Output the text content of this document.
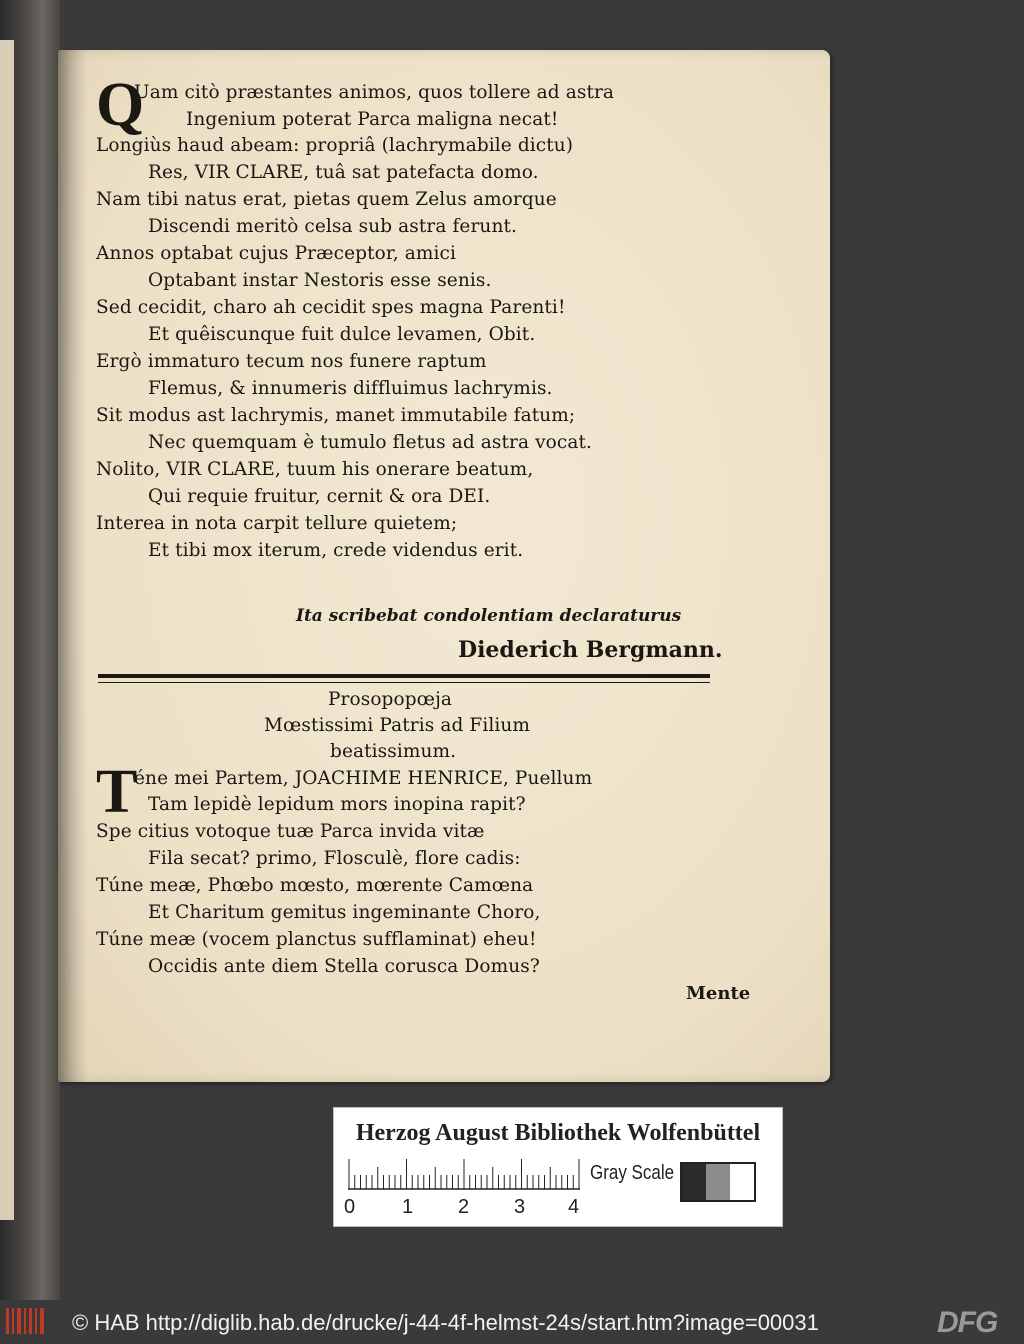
Q
Uam citò præstantes animos, quos tollere ad astra
Ingenium poterat Parca maligna necat!
Longiùs haud abeam: propriâ (lachrymabile dictu)
Res, VIR CLARE, tuâ sat patefacta domo.
Nam tibi natus erat, pietas quem Zelus amorque
Discendi meritò celsa sub astra ferunt.
Annos optabat cujus Præceptor, amici
Optabant instar Nestoris esse senis.
Sed cecidit, charo ah cecidit spes magna Parenti!
Et quêiscunque fuit dulce levamen, Obit.
Ergò immaturo tecum nos funere raptum
Flemus, & innumeris diffluimus lachrymis.
Sit modus ast lachrymis, manet immutabile fatum;
Nec quemquam è tumulo fletus ad astra vocat.
Nolito, VIR CLARE, tuum his onerare beatum,
Qui requie fruitur, cernit & ora DEI.
Interea in nota carpit tellure quietem;
Et tibi mox iterum, crede videndus erit.
Ita scribebat condolentiam declaraturus
Diederich Bergmann.
Prosopopœja
Mœstissimi Patris ad Filium
beatissimum.
T
éne mei Partem, JOACHIME HENRICE, Puellum
Tam lepidè lepidum mors inopina rapit?
Spe citius votoque tuæ Parca invida vitæ
Fila secat? primo, Flosculè, flore cadis:
Túne meæ, Phœbo mœsto, mœrente Camœna
Et Charitum gemitus ingeminante Choro,
Túne meæ (vocem planctus sufflaminat) eheu!
Occidis ante diem Stella corusca Domus?
Mente
Herzog August Bibliothek Wolfenbüttel
0 1 2 3 4
Gray Scale
© HAB http://diglib.hab.de/drucke/j-44-4f-helmst-24s/start.htm?image=00031	DFG
